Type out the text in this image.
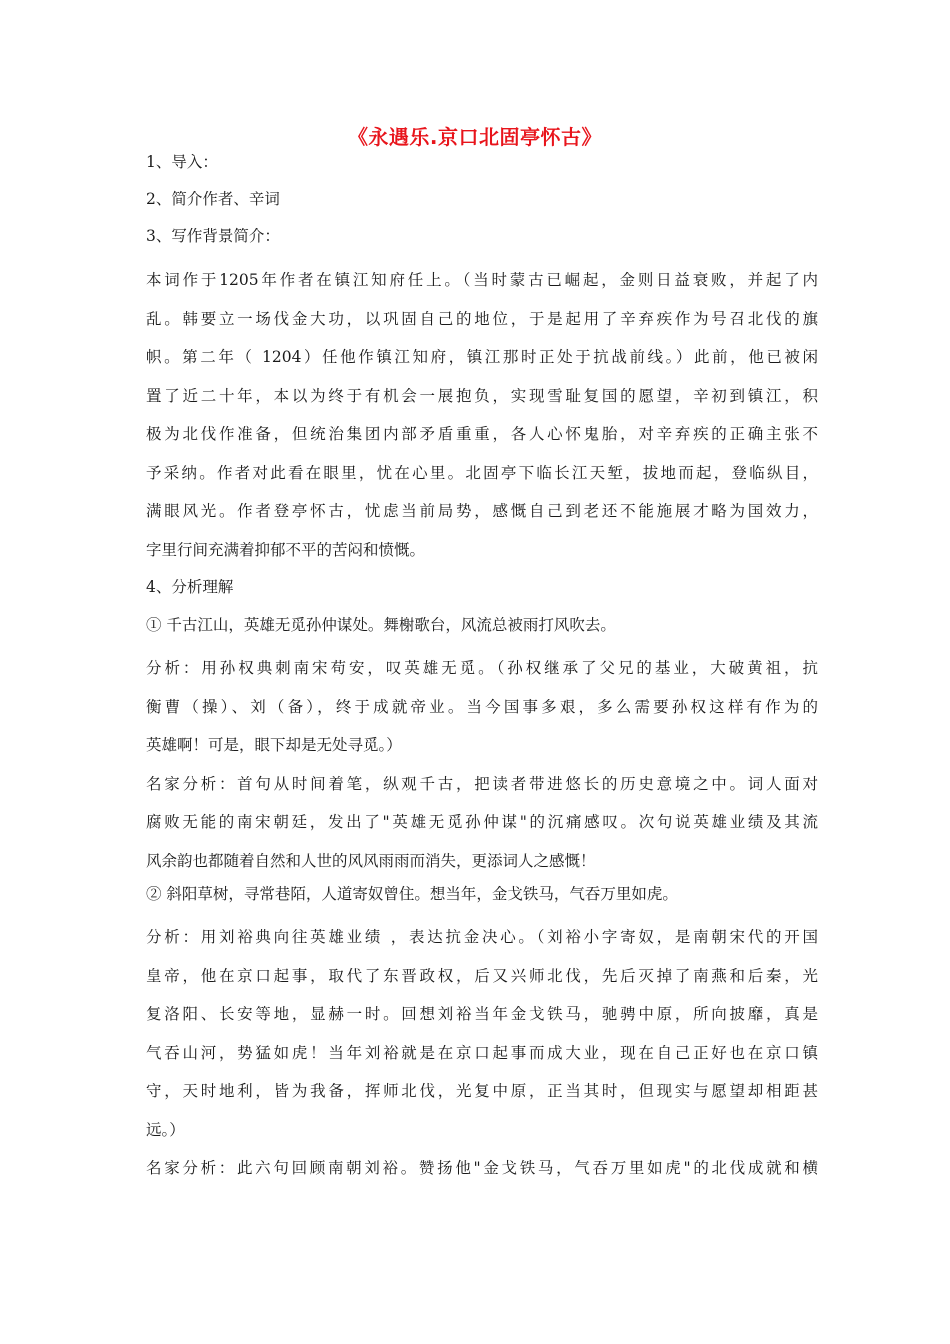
《永遇乐.京口北固亭怀古》
1、导入：
2、简介作者、辛词
3、写作背景简介：
本词作于1205年作者在镇江知府任上。（当时蒙古已崛起，金则日益衰败，并起了内
乱。韩要立一场伐金大功，以巩固自己的地位，于是起用了辛弃疾作为号召北伐的旗
帜。第二年（ 1204）任他作镇江知府，镇江那时正处于抗战前线。）此前，他已被闲
置了近二十年，本以为终于有机会一展抱负，实现雪耻复国的愿望，辛初到镇江，积
极为北伐作准备，但统治集团内部矛盾重重，各人心怀鬼胎，对辛弃疾的正确主张不
予采纳。作者对此看在眼里，忧在心里。北固亭下临长江天堑，拔地而起，登临纵目，
满眼风光。作者登亭怀古，忧虑当前局势，感慨自己到老还不能施展才略为国效力，
字里行间充满着抑郁不平的苦闷和愤慨。
4、分析理解
① 千古江山，英雄无觅孙仲谋处。舞榭歌台，风流总被雨打风吹去。
分析：用孙权典刺南宋苟安，叹英雄无觅。（孙权继承了父兄的基业，大破黄祖，抗
衡曹（操）、刘（备），终于成就帝业。当今国事多艰，多么需要孙权这样有作为的
英雄啊！可是，眼下却是无处寻觅。）
名家分析：首句从时间着笔，纵观千古，把读者带进悠长的历史意境之中。词人面对
腐败无能的南宋朝廷，发出了"英雄无觅孙仲谋"的沉痛感叹。次句说英雄业绩及其流
风余韵也都随着自然和人世的风风雨雨而消失，更添词人之感慨！
② 斜阳草树，寻常巷陌，人道寄奴曾住。想当年，金戈铁马，气吞万里如虎。
分析：用刘裕典向往英雄业绩 ，表达抗金决心。（刘裕小字寄奴，是南朝宋代的开国
皇帝，他在京口起事，取代了东晋政权，后又兴师北伐，先后灭掉了南燕和后秦，光
复洛阳、长安等地，显赫一时。回想刘裕当年金戈铁马，驰骋中原，所向披靡，真是
气吞山河，势猛如虎！当年刘裕就是在京口起事而成大业，现在自己正好也在京口镇
守，天时地利，皆为我备，挥师北伐，光复中原，正当其时，但现实与愿望却相距甚
远。）
名家分析：此六句回顾南朝刘裕。赞扬他"金戈铁马，气吞万里如虎"的北伐成就和横
